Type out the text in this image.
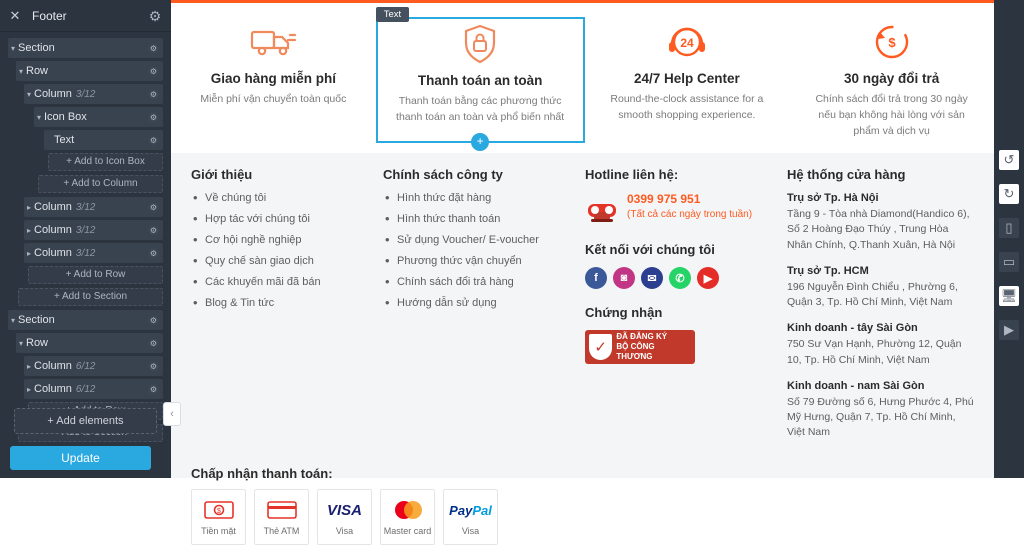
✕ Footer	⚙
▾ Section	⚙
▾ Row	⚙
▾ Column 3/12	⚙
▾ Icon Box	⚙
Text	⚙
+ Add to Icon Box
+ Add to Column
▸ Column 3/12	⚙
▸ Column 3/12	⚙
▸ Column 3/12	⚙
+ Add to Row
+ Add to Section
▾ Section	⚙
▾ Row	⚙
▸ Column 6/12	⚙
▸ Column 6/12	⚙
+ Add elements
Update
‹
Giao hàng miễn phí

Miễn phí vận chuyển toàn quốc

Text
Thanh toán an toàn

Thanh toán bằng các phương thức thanh toán an toàn và phổ biến nhất

+
24
24/7 Help Center

Round-the-clock assistance for a smooth shopping experience.

$
30 ngày đổi trả

Chính sách đổi trả trong 30 ngày nếu bạn không hài lòng với sản phẩm và dịch vụ

Giới thiệu
• Về chúng tôi
• Hợp tác với chúng tôi
• Cơ hội nghề nghiệp
• Quy chế sàn giao dịch
• Các khuyến mãi đã bán
• Blog & Tin tức
Chính sách công ty
• Hình thức đặt hàng
• Hình thức thanh toán
• Sử dụng Voucher/ E-voucher
• Phương thức vận chuyển
• Chính sách đổi trả hàng
• Hướng dẫn sử dụng
Hotline liên hệ:
0399 975 951
(Tất cả các ngày trong tuần)
Kết nối với chúng tôi
f	◙	✉	✆	▶
Chứng nhận
✓
ĐÃ ĐĂNG KÝ
BỘ CÔNG THƯƠNG
Hệ thống cửa hàng
Trụ sở Tp. Hà Nội

Tầng 9 - Tòa nhà Diamond(Handico 6), Số 2 Hoàng Đạo Thúy , Trung Hòa Nhân Chính, Q.Thanh Xuân, Hà Nội

Trụ sở Tp. HCM

196 Nguyễn Đình Chiểu , Phường 6, Quận 3, Tp. Hồ Chí Minh, Việt Nam

Kinh doanh - tây Sài Gòn

750 Sư Vạn Hạnh, Phường 12, Quận 10, Tp. Hồ Chí Minh, Việt Nam

Kinh doanh - nam Sài Gòn

Số 79 Đường số 6, Hưng Phước 4, Phú Mỹ Hưng, Quận 7, Tp. Hồ Chí Minh, Việt Nam

Chấp nhận thanh toán:
$
Tiền mặt	Thẻ ATM
VISA
Visa	Master card
PayPal
Visa
↺
↻
▯
▭
🖥
▶
